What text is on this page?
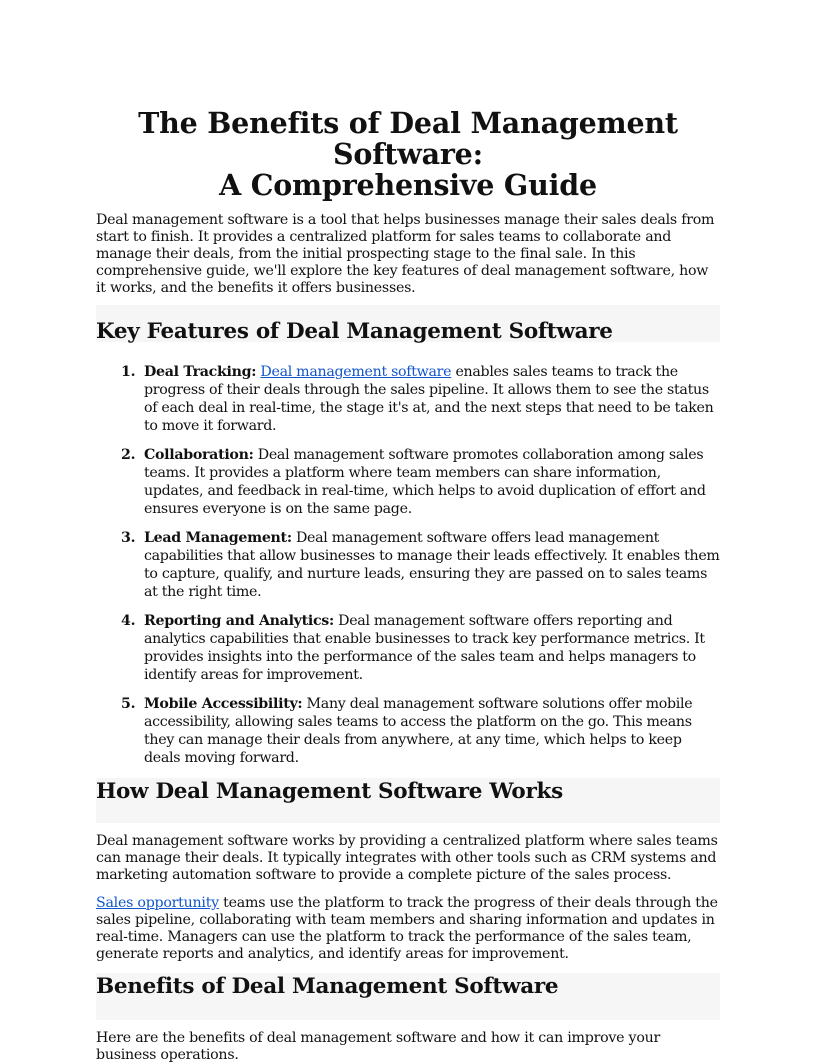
The Benefits of Deal Management Software:
A Comprehensive Guide

Deal management software is a tool that helps businesses manage their sales deals from start to finish. It provides a centralized platform for sales teams to collaborate and manage their deals, from the initial prospecting stage to the final sale. In this comprehensive guide, we'll explore the key features of deal management software, how it works, and the benefits it offers businesses.

Key Features of Deal Management Software
1. Deal Tracking: Deal management software enables sales teams to track the progress of their deals through the sales pipeline. It allows them to see the status of each deal in real-time, the stage it's at, and the next steps that need to be taken to move it forward.
2. Collaboration: Deal management software promotes collaboration among sales teams. It provides a platform where team members can share information, updates, and feedback in real-time, which helps to avoid duplication of effort and ensures everyone is on the same page.
3. Lead Management: Deal management software offers lead management capabilities that allow businesses to manage their leads effectively. It enables them to capture, qualify, and nurture leads, ensuring they are passed on to sales teams at the right time.
4. Reporting and Analytics: Deal management software offers reporting and analytics capabilities that enable businesses to track key performance metrics. It provides insights into the performance of the sales team and helps managers to identify areas for improvement.
5. Mobile Accessibility: Many deal management software solutions offer mobile accessibility, allowing sales teams to access the platform on the go. This means they can manage their deals from anywhere, at any time, which helps to keep deals moving forward.
How Deal Management Software Works

Deal management software works by providing a centralized platform where sales teams can manage their deals. It typically integrates with other tools such as CRM systems and marketing automation software to provide a complete picture of the sales process.

Sales opportunity teams use the platform to track the progress of their deals through the sales pipeline, collaborating with team members and sharing information and updates in real-time. Managers can use the platform to track the performance of the sales team, generate reports and analytics, and identify areas for improvement.

Benefits of Deal Management Software

Here are the benefits of deal management software and how it can improve your business operations.
